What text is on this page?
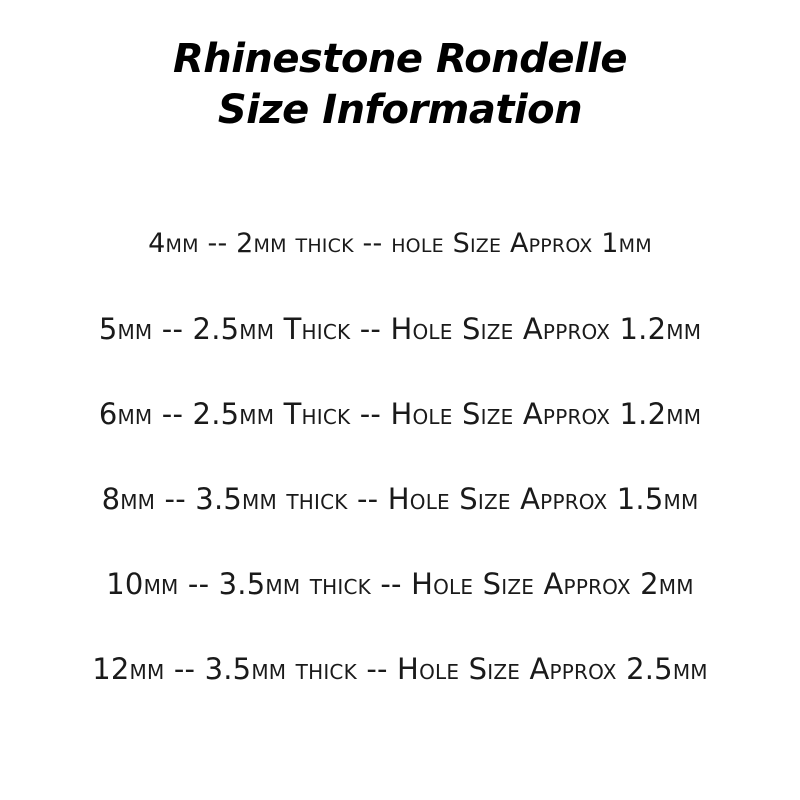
Rhinestone Rondelle
Size Information
4mm -- 2mm thick -- hole Size Approx 1mm
5mm -- 2.5mm Thick -- Hole Size Approx 1.2mm
6mm -- 2.5mm Thick -- Hole Size Approx 1.2mm
8mm -- 3.5mm thick -- Hole Size Approx 1.5mm
10mm -- 3.5mm thick -- Hole Size Approx 2mm
12mm -- 3.5mm thick -- Hole Size Approx 2.5mm
